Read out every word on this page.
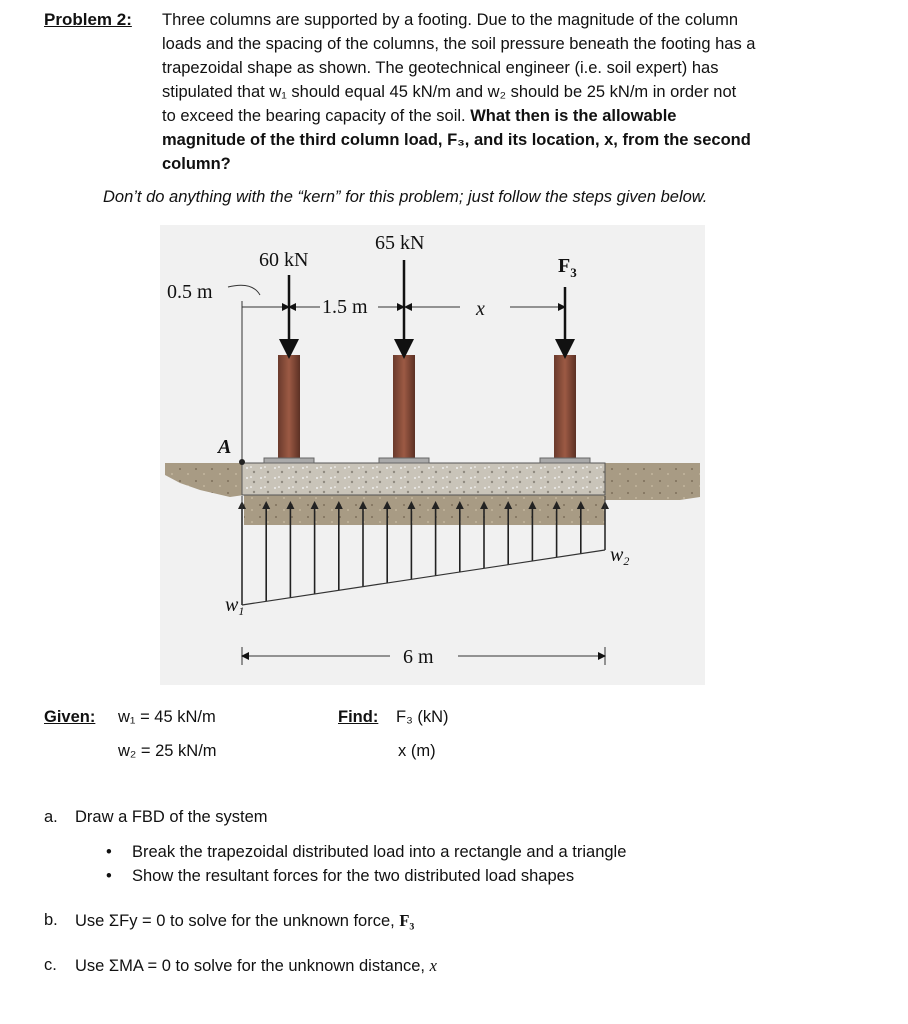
Problem 2: Three columns are supported by a footing. Due to the magnitude of the column
loads and the spacing of the columns, the soil pressure beneath the footing has a
trapezoidal shape as shown. The geotechnical engineer (i.e. soil expert) has
stipulated that w₁ should equal 45 kN/m and w₂ should be 25 kN/m in order not
to exceed the bearing capacity of the soil. What then is the allowable
magnitude of the third column load, F₃, and its location, x, from the second
column?
Don’t do anything with the “kern” for this problem; just follow the steps given below.
60 kN
65 kN
$F_3$
0.5 m
1.5 m	x
A
$w_1$
$w_2$
6 m
Given: w₁ = 45 kN/m
w₂ = 25 kN/m
Find: F₃ (kN)
x (m)
a. Draw a FBD of the system
• Break the trapezoidal distributed load into a rectangle and a triangle
• Show the resultant forces for the two distributed load shapes
b. Use ΣFy = 0 to solve for the unknown force, F₃
c. Use ΣMA = 0 to solve for the unknown distance, x
